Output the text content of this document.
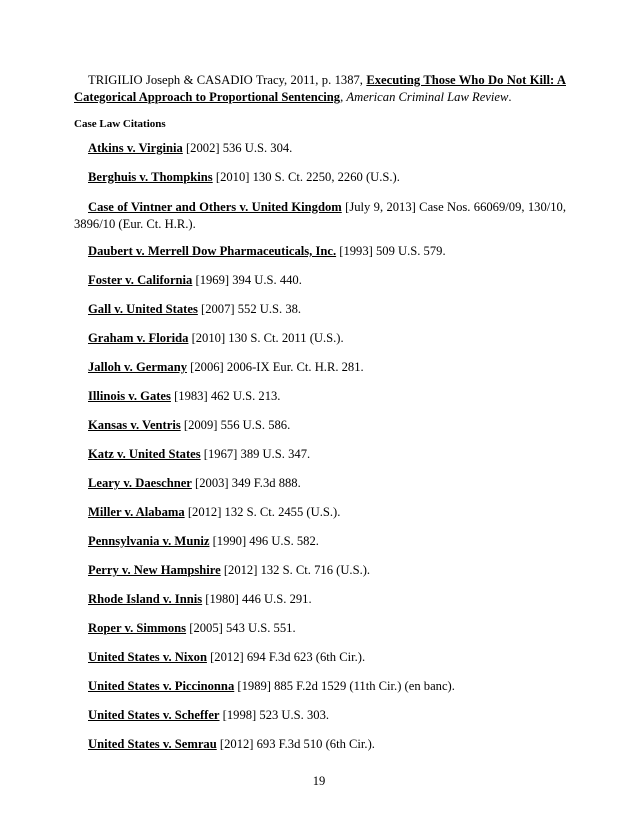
TRIGILIO Joseph & CASADIO Tracy, 2011, p. 1387, Executing Those Who Do Not Kill: A Categorical Approach to Proportional Sentencing, American Criminal Law Review.
Case Law Citations
Atkins v. Virginia [2002] 536 U.S. 304.
Berghuis v. Thompkins [2010] 130 S. Ct. 2250, 2260 (U.S.).
Case of Vintner and Others v. United Kingdom [July 9, 2013] Case Nos. 66069/09, 130/10, 3896/10 (Eur. Ct. H.R.).
Daubert v. Merrell Dow Pharmaceuticals, Inc. [1993] 509 U.S. 579.
Foster v. California [1969] 394 U.S. 440.
Gall v. United States [2007] 552 U.S. 38.
Graham v. Florida [2010] 130 S. Ct. 2011 (U.S.).
Jalloh v. Germany [2006] 2006-IX Eur. Ct. H.R. 281.
Illinois v. Gates [1983] 462 U.S. 213.
Kansas v. Ventris [2009] 556 U.S. 586.
Katz v. United States [1967] 389 U.S. 347.
Leary v. Daeschner [2003] 349 F.3d 888.
Miller v. Alabama [2012] 132 S. Ct. 2455 (U.S.).
Pennsylvania v. Muniz [1990] 496 U.S. 582.
Perry v. New Hampshire [2012] 132 S. Ct. 716 (U.S.).
Rhode Island v. Innis [1980] 446 U.S. 291.
Roper v. Simmons [2005] 543 U.S. 551.
United States v. Nixon [2012] 694 F.3d 623 (6th Cir.).
United States v. Piccinonna [1989] 885 F.2d 1529 (11th Cir.) (en banc).
United States v. Scheffer [1998] 523 U.S. 303.
United States v. Semrau [2012] 693 F.3d 510 (6th Cir.).
19
